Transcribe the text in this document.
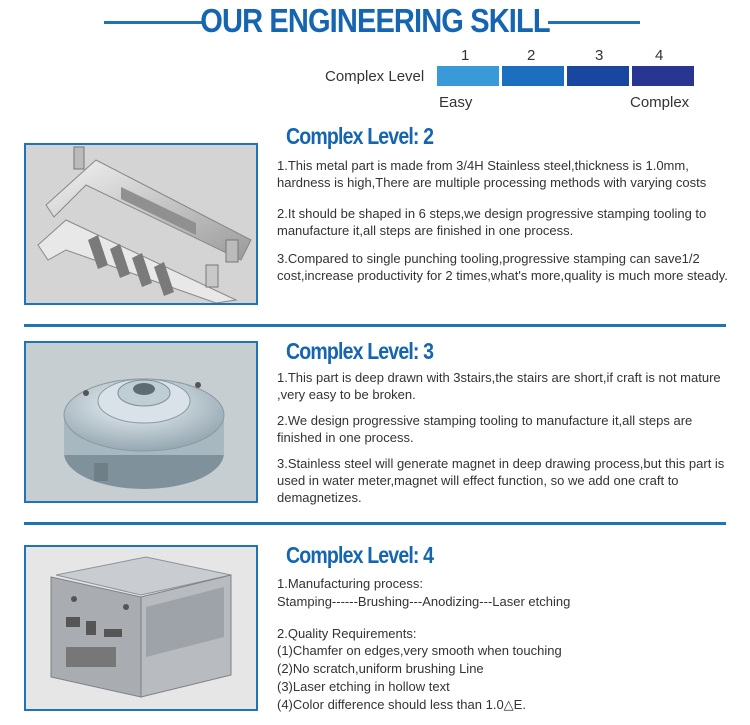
OUR ENGINEERING SKILL
Complex Level
1	2	3	4
Easy	Complex
Complex Level: 2

1.This metal part is made from 3/4H Stainless steel,thickness is 1.0mm, hardness is high,There are multiple processing methods with varying costs

2.It should be shaped in 6 steps,we design progressive stamping tooling to manufacture it,all steps are finished in one process.

3.Compared to single punching tooling,progressive stamping can save1/2 cost,increase productivity for 2 times,what's more,quality is much more steady.

Complex Level: 3

1.This part is deep drawn with 3stairs,the stairs are short,if craft is not mature ,very easy to be broken.

2.We design progressive stamping tooling to manufacture it,all steps are finished in one process.

3.Stainless steel will generate magnet in deep drawing process,but this part is used in water meter,magnet will effect function, so we add one craft to demagnetizes.

Complex Level: 4
1.Manufacturing process:
Stamping------Brushing---Anodizing---Laser etching
2.Quality Requirements:
(1)Chamfer on edges,very smooth when touching
(2)No scratch,uniform brushing Line
(3)Laser etching in hollow text
(4)Color difference should less than 1.0△E.
